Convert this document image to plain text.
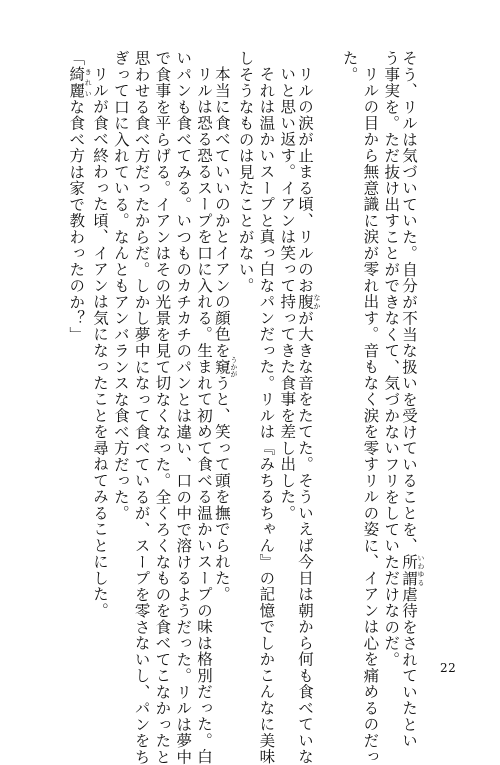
そう、リルは気づいていた。自分が不当な扱いを受けていることを、所謂 いわゆる虐待をされていたとい
う事実を。ただ抜け出すことができなくて、気づかないフリをしていただけなのだ。
リルの目から無意識に涙が零れ出す。音もなく涙を零すリルの姿に、イアンは心を痛めるのだっ
た。
リルの涙が止まる頃、リルのお腹 なかが大きな音をたてた。そういえば今日は朝から何も食べていな
いと思い返す。イアンは笑って持ってきた食事を差し出した。
それは温かいスープと真っ白なパンだった。リルは『みちるちゃん』の記憶でしかこんなに美味
しそうなものは見たことがない。
本当に食べていいのかとイアンの顔色を窺 うかがうと、笑って頭を撫でられた。
リルは恐る恐るスープを口に入れる。生まれて初めて食べる温かいスープの味は格別だった。白
いパンも食べてみる。いつものカチカチのパンとは違い、口の中で溶けるようだった。リルは夢中
で食事を平らげる。イアンはその光景を見て切なくなった。全くろくなものを食べてこなかったと
思わせる食べ方だったからだ。しかし夢中になって食べているが、スープを零さないし、パンをち
ぎって口に入れている。なんともアンバランスな食べ方だった。
リルが食べ終わった頃、イアンは気になったことを尋ねてみることにした。
「綺麗 きれいな食べ方は家で教わったのか？」
22
